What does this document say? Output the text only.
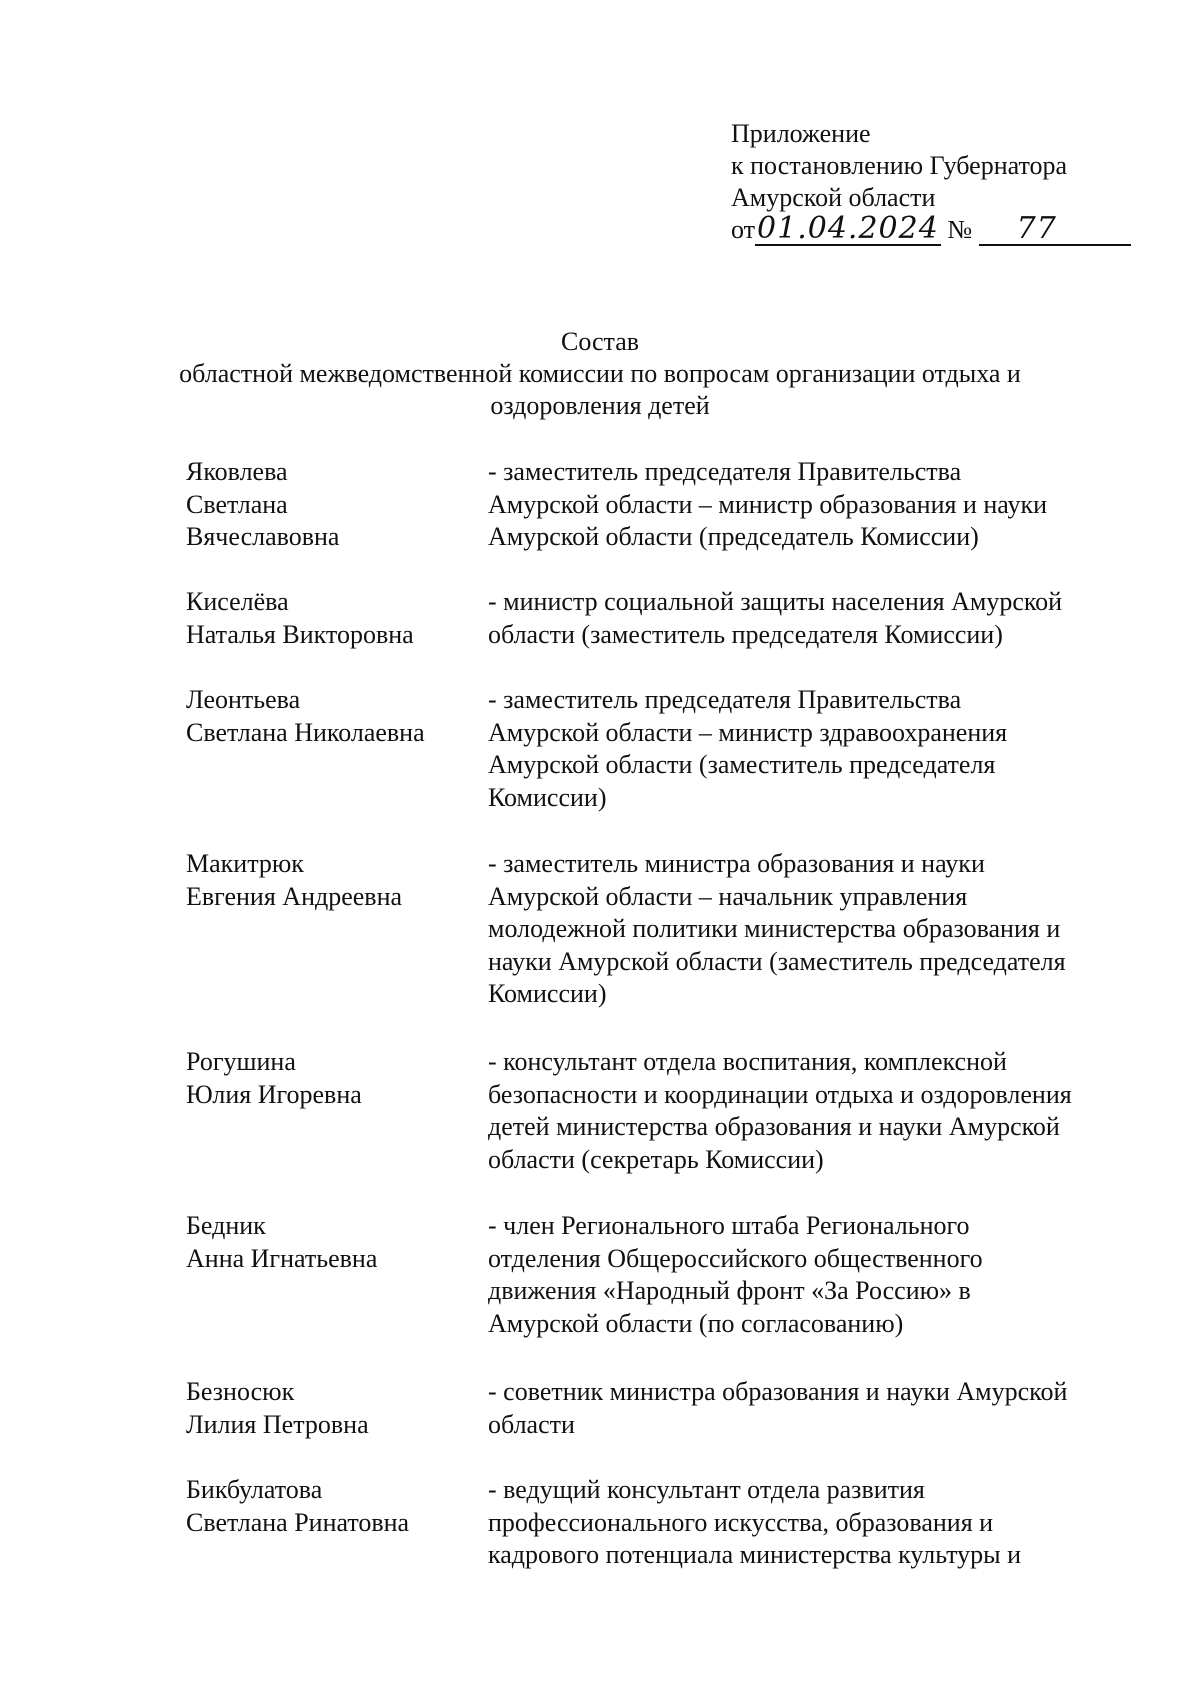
Приложение
к постановлению Губернатора
Амурской области
от01.04.2024 № 77
Состав
областной межведомственной комиссии по вопросам организации отдыха и
оздоровления детей
Яковлева
Светлана
Вячеславовна
- заместитель председателя Правительства
Амурской области – министр образования и науки
Амурской области (председатель Комиссии)
Киселёва
Наталья Викторовна
- министр социальной защиты населения Амурской
области (заместитель председателя Комиссии)
Леонтьева
Светлана Николаевна
- заместитель председателя Правительства
Амурской области – министр здравоохранения
Амурской области (заместитель председателя
Комиссии)
Макитрюк
Евгения Андреевна
- заместитель министра образования и науки
Амурской области – начальник управления
молодежной политики министерства образования и
науки Амурской области (заместитель председателя
Комиссии)
Рогушина
Юлия Игоревна
- консультант отдела воспитания, комплексной
безопасности и координации отдыха и оздоровления
детей министерства образования и науки Амурской
области (секретарь Комиссии)
Бедник
Анна Игнатьевна
- член Регионального штаба Регионального
отделения Общероссийского общественного
движения «Народный фронт «За Россию» в
Амурской области (по согласованию)
Безносюк
Лилия Петровна
- советник министра образования и науки Амурской
области
Бикбулатова
Светлана Ринатовна
- ведущий консультант отдела развития
профессионального искусства, образования и
кадрового потенциала министерства культуры и
